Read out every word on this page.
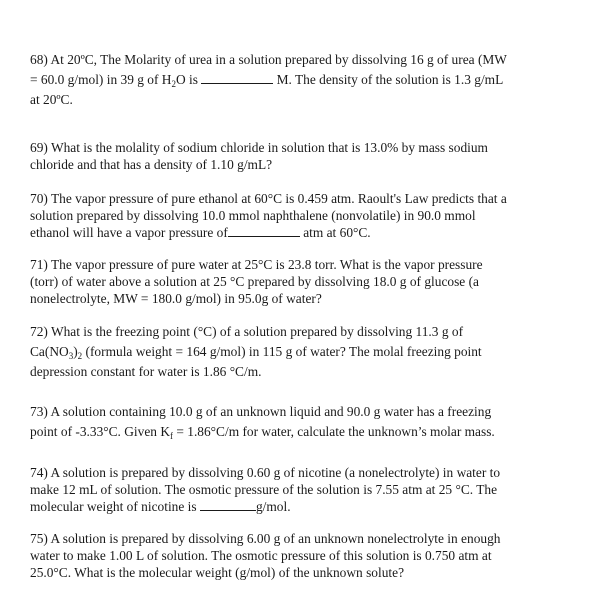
68) At 20ºC, The Molarity of urea in a solution prepared by dissolving 16 g of urea (MW

= 60.0 g/mol) in 39 g of $H_2O$ is	M. The density of the solution is 1.3 g/mL

at 20ºC.

69) What is the molality of sodium chloride in solution that is 13.0% by mass sodium

chloride and that has a density of 1.10 g/mL?

70) The vapor pressure of pure ethanol at 60°C is 0.459 atm. Raoult's Law predicts that a

solution prepared by dissolving 10.0 mmol naphthalene (nonvolatile) in 90.0 mmol

ethanol will have a vapor pressure of	atm at 60°C.

71) The vapor pressure of pure water at 25°C is 23.8 torr. What is the vapor pressure

(torr) of water above a solution at 25 °C prepared by dissolving 18.0 g of glucose (a

nonelectrolyte, MW = 180.0 g/mol) in 95.0g of water?

72) What is the freezing point (°C) of a solution prepared by dissolving 11.3 g of

$Ca(NO_3)_2$ (formula weight = 164 g/mol) in 115 g of water? The molal freezing point

depression constant for water is 1.86 °C/m.

73) A solution containing 10.0 g of an unknown liquid and 90.0 g water has a freezing

point of -3.33°C. Given $K_f = 1.86^\circ C/m$ for water, calculate the unknown’s molar mass.

74) A solution is prepared by dissolving 0.60 g of nicotine (a nonelectrolyte) in water to

make 12 mL of solution. The osmotic pressure of the solution is 7.55 atm at 25 °C. The

molecular weight of nicotine is	g/mol.

75) A solution is prepared by dissolving 6.00 g of an unknown nonelectrolyte in enough

water to make 1.00 L of solution. The osmotic pressure of this solution is 0.750 atm at

25.0°C. What is the molecular weight (g/mol) of the unknown solute?
